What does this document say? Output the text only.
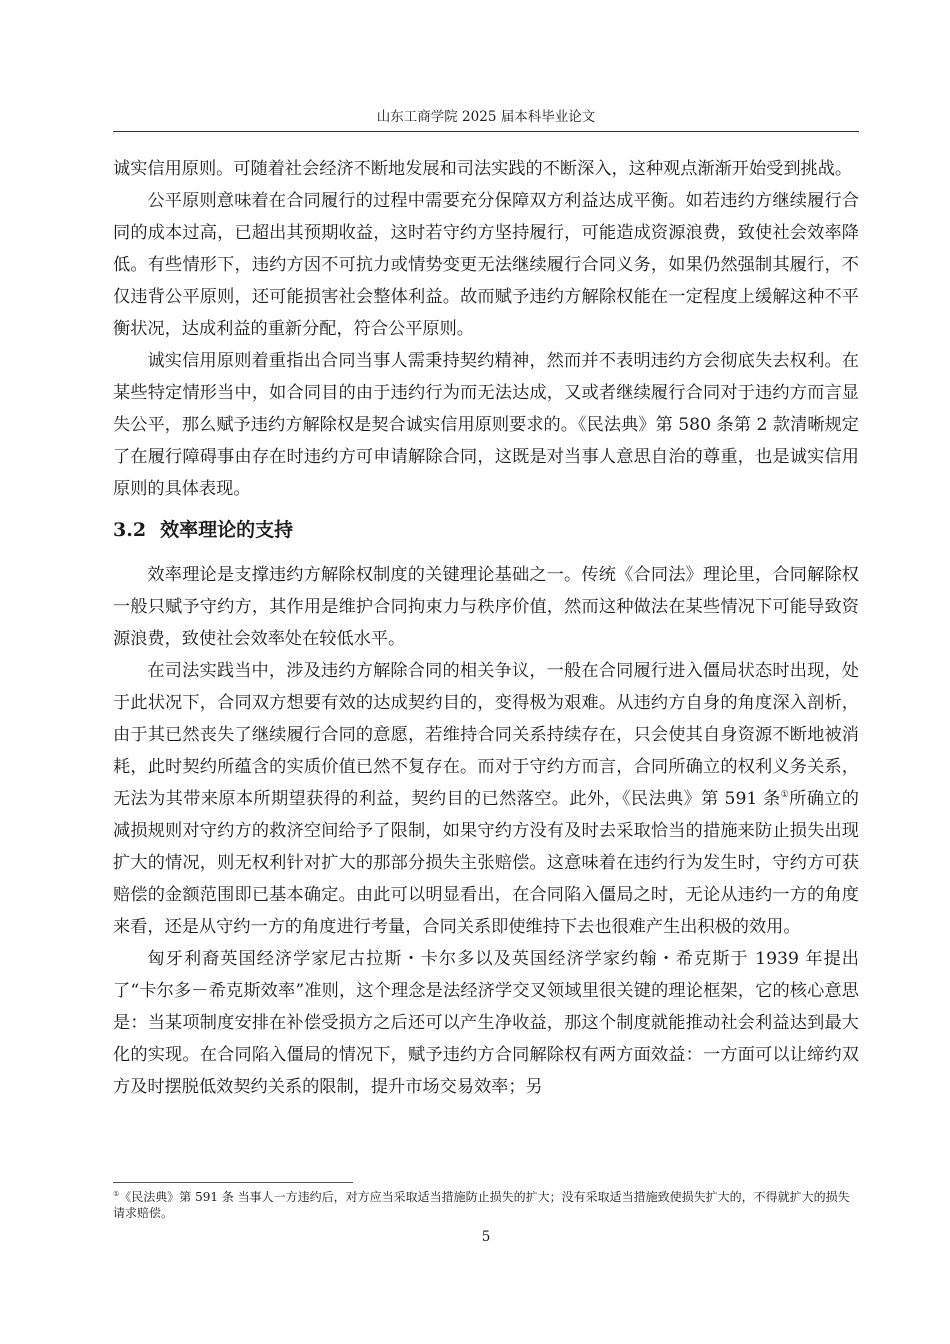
山东工商学院 2025 届本科毕业论文

诚实信用原则。可随着社会经济不断地发展和司法实践的不断深入，这种观点渐渐开始受到挑战。

公平原则意味着在合同履行的过程中需要充分保障双方利益达成平衡。如若违约方继续履行合同的成本过高，已超出其预期收益，这时若守约方坚持履行，可能造成资源浪费，致使社会效率降低。有些情形下，违约方因不可抗力或情势变更无法继续履行合同义务，如果仍然强制其履行，不仅违背公平原则，还可能损害社会整体利益。故而赋予违约方解除权能在一定程度上缓解这种不平衡状况，达成利益的重新分配，符合公平原则。

诚实信用原则着重指出合同当事人需秉持契约精神，然而并不表明违约方会彻底失去权利。在某些特定情形当中，如合同目的由于违约行为而无法达成，又或者继续履行合同对于违约方而言显失公平，那么赋予违约方解除权是契合诚实信用原则要求的。《民法典》第 580 条第 2 款清晰规定了在履行障碍事由存在时违约方可申请解除合同，这既是对当事人意思自治的尊重，也是诚实信用原则的具体表现。

3.2 效率理论的支持

效率理论是支撑违约方解除权制度的关键理论基础之一。传统《合同法》理论里，合同解除权一般只赋予守约方，其作用是维护合同拘束力与秩序价值，然而这种做法在某些情况下可能导致资源浪费，致使社会效率处在较低水平。

在司法实践当中，涉及违约方解除合同的相关争议，一般在合同履行进入僵局状态时出现，处于此状况下，合同双方想要有效的达成契约目的，变得极为艰难。从违约方自身的角度深入剖析，由于其已然丧失了继续履行合同的意愿，若维持合同关系持续存在，只会使其自身资源不断地被消耗，此时契约所蕴含的实质价值已然不复存在。而对于守约方而言，合同所确立的权利义务关系，无法为其带来原本所期望获得的利益，契约目的已然落空。此外，《民法典》第 591 条①所确立的减损规则对守约方的救济空间给予了限制，如果守约方没有及时去采取恰当的措施来防止损失出现扩大的情况，则无权利针对扩大的那部分损失主张赔偿。这意味着在违约行为发生时，守约方可获赔偿的金额范围即已基本确定。由此可以明显看出，在合同陷入僵局之时，无论从违约一方的角度来看，还是从守约一方的角度进行考量，合同关系即使维持下去也很难产生出积极的效用。

匈牙利裔英国经济学家尼古拉斯・卡尔多以及英国经济学家约翰・希克斯于 1939 年提出了“卡尔多－希克斯效率”准则，这个理念是法经济学交叉领域里很关键的理论框架，它的核心意思是：当某项制度安排在补偿受损方之后还可以产生净收益，那这个制度就能推动社会利益达到最大化的实现。在合同陷入僵局的情况下，赋予违约方合同解除权有两方面效益：一方面可以让缔约双方及时摆脱低效契约关系的限制，提升市场交易效率；另

①《民法典》第 591 条 当事人一方违约后，对方应当采取适当措施防止损失的扩大；没有采取适当措施致使损失扩大的，不得就扩大的损失请求赔偿。
5
